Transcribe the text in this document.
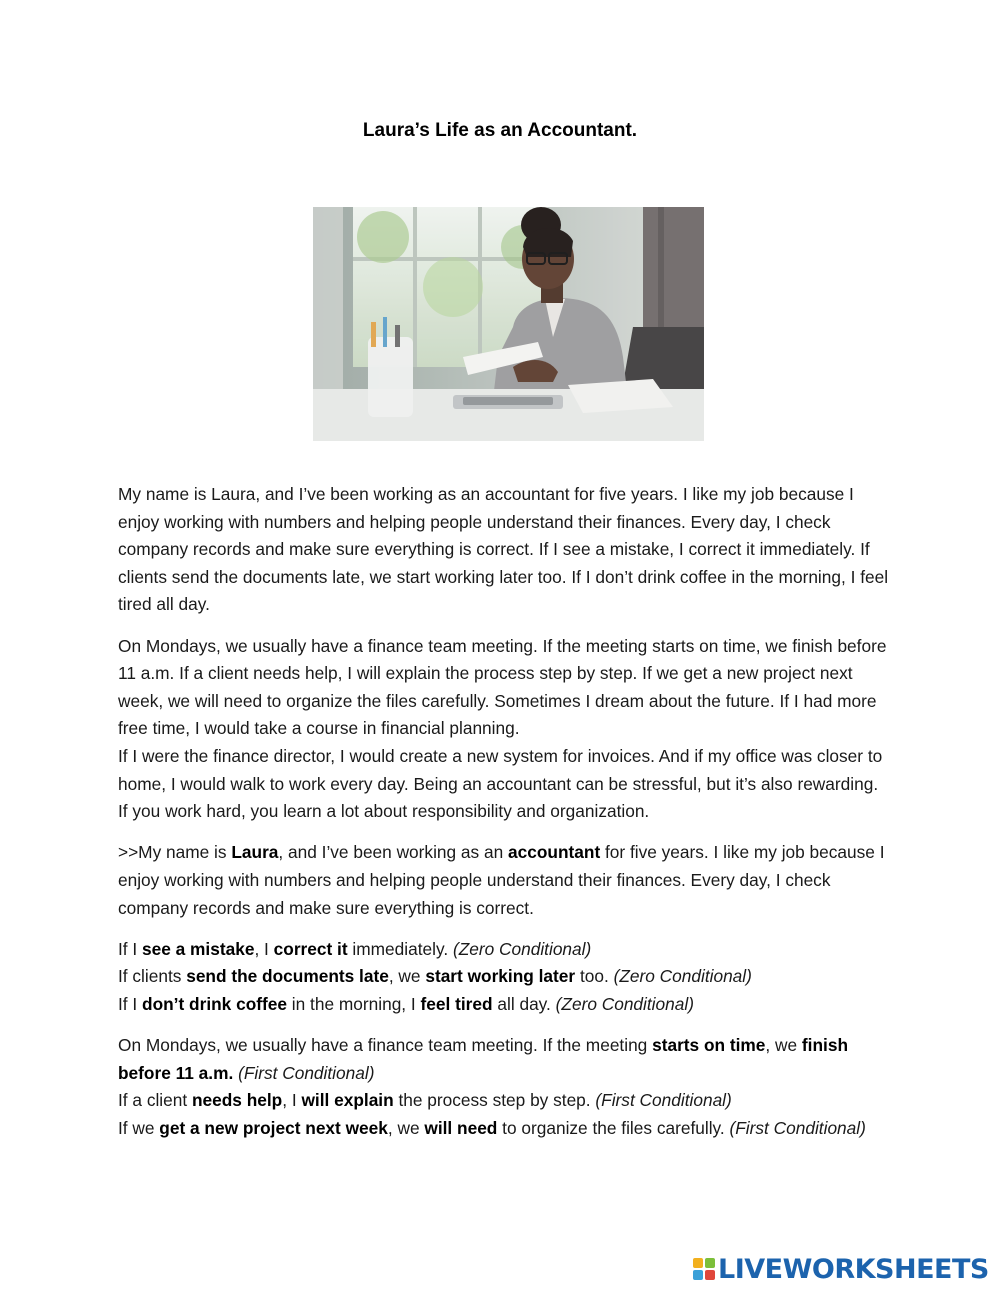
Laura’s Life as an Accountant.

My name is Laura, and I’ve been working as an accountant for five years. I like my job because I enjoy working with numbers and helping people understand their finances. Every day, I check company records and make sure everything is correct. If I see a mistake, I correct it immediately. If clients send the documents late, we start working later too. If I don’t drink coffee in the morning, I feel tired all day.

On Mondays, we usually have a finance team meeting. If the meeting starts on time, we finish before 11 a.m. If a client needs help, I will explain the process step by step. If we get a new project next week, we will need to organize the files carefully. Sometimes I dream about the future. If I had more free time, I would take a course in financial planning.
If I were the finance director, I would create a new system for invoices. And if my office was closer to home, I would walk to work every day. Being an accountant can be stressful, but it’s also rewarding. If you work hard, you learn a lot about responsibility and organization.

>>My name is Laura, and I’ve been working as an accountant for five years. I like my job because I enjoy working with numbers and helping people understand their finances. Every day, I check company records and make sure everything is correct.

If I see a mistake, I correct it immediately. (Zero Conditional)
If clients send the documents late, we start working later too. (Zero Conditional)
If I don’t drink coffee in the morning, I feel tired all day. (Zero Conditional)

On Mondays, we usually have a finance team meeting. If the meeting starts on time, we finish before 11 a.m. (First Conditional)
If a client needs help, I will explain the process step by step. (First Conditional)
If we get a new project next week, we will need to organize the files carefully. (First Conditional)

LIVEWORKSHEETS
